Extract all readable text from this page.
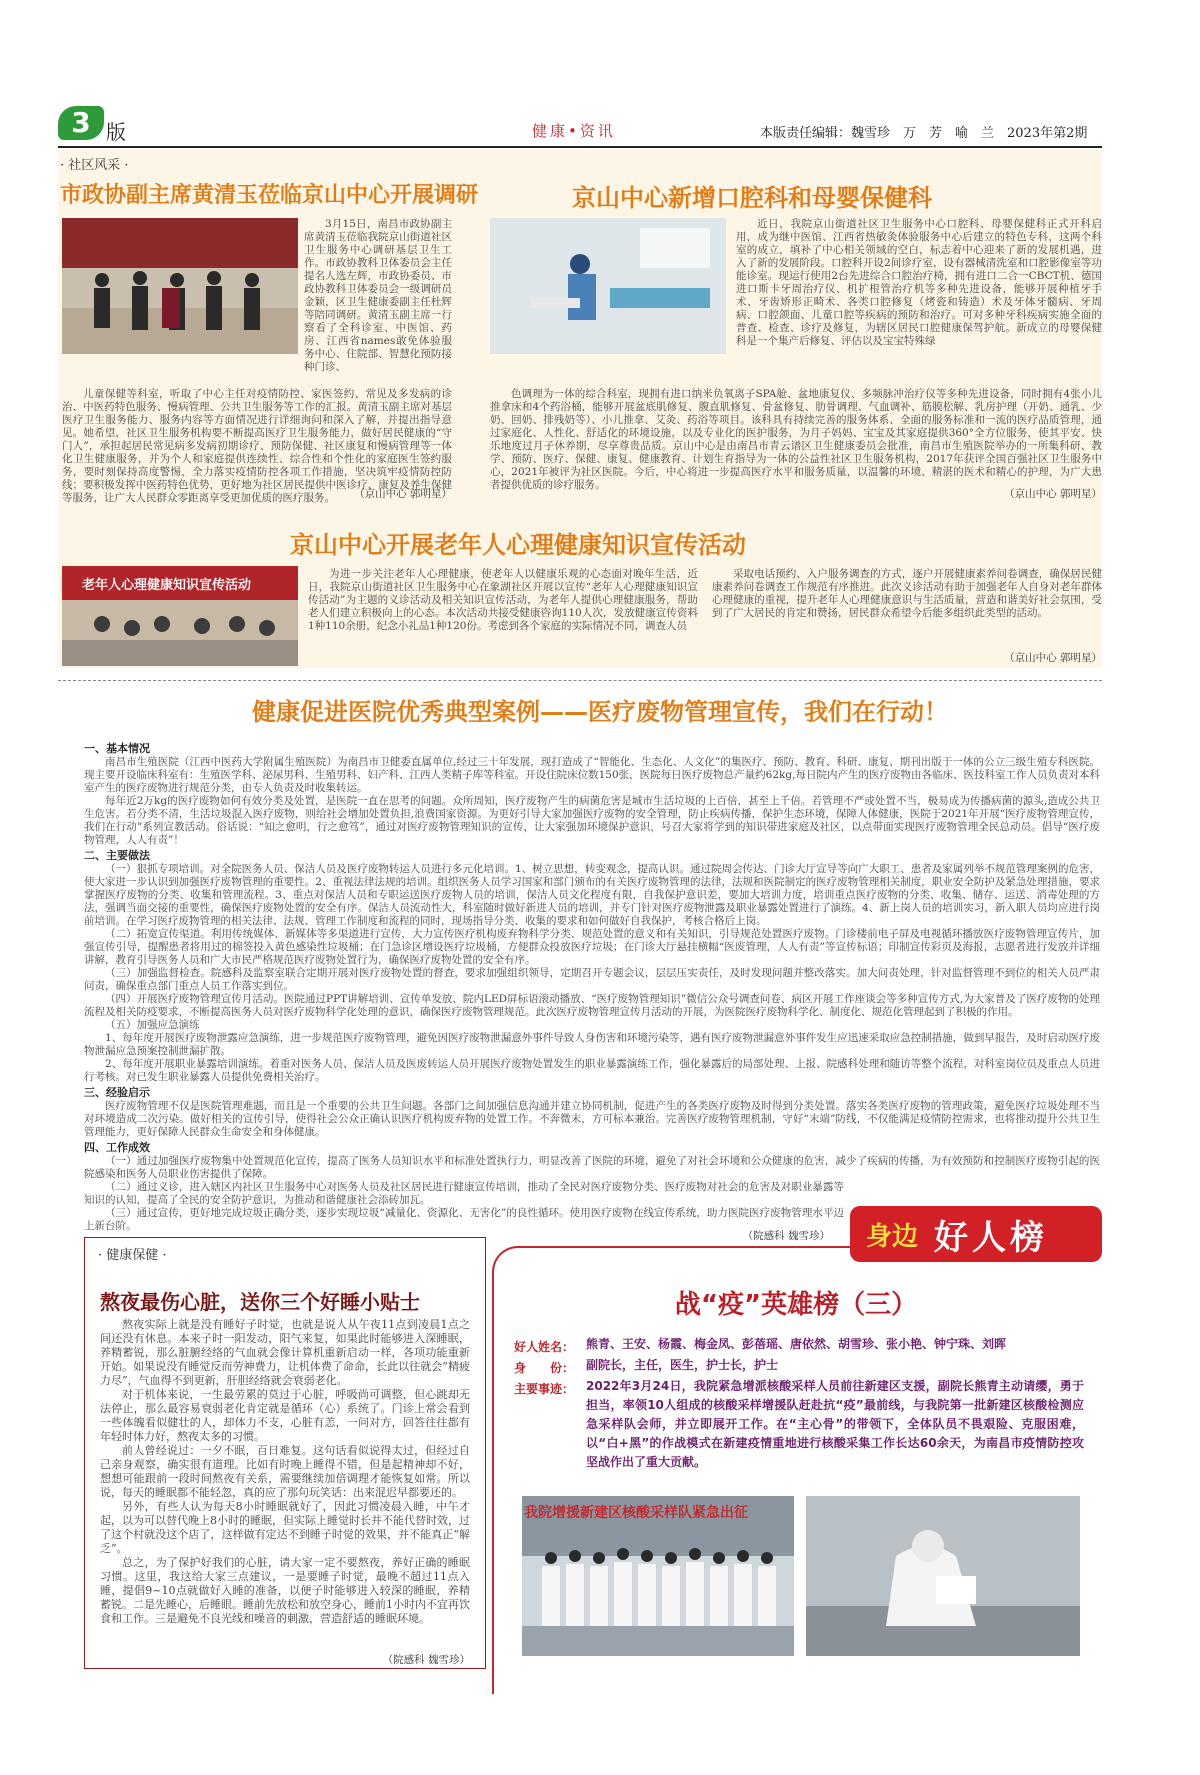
3 版	健康•资讯	本版责任编辑：魏雪珍　万　芳　喻　兰　2023年第2期
· 社区风采 ·
市政协副主席黄清玉莅临京山中心开展调研
3月15日，南昌市政协副主席黄清玉莅临我院京山街道社区卫生服务中心调研基层卫生工作。市政协教科卫体委员会主任提名人选左辉，市政协委员、市政协教科卫体委员会一级调研员金颖，区卫生健康委副主任杜辉等陪同调研。黄清玉副主席一行察看了全科诊室、中医馆、药房、江西省names敢免体验服务中心、住院部、智慧化预防接种门诊、
儿童保健等科室，听取了中心主任对疫情防控、家医签约、常见及多发病的诊治、中医药特色服务、慢病管理、公共卫生服务等工作的汇报。黄清玉副主席对基层医疗卫生服务能力、服务内容等方面情况进行详细询问和深入了解，并提出指导意见。她希望，社区卫生服务机构要不断提高医疗卫生服务能力，做好居民健康的“守门人”，承担起居民常见病多发病初期诊疗、预防保健、社区康复和慢病管理等一体化卫生健康服务，并为个人和家庭提供连续性、综合性和个性化的家庭医生签约服务，要时刻保持高度警惕，全力落实疫情防控各项工作措施，坚决筑牢疫情防控防线；要积极发挥中医药特色优势，更好地为社区居民提供中医诊疗、康复及养生保健等服务，让广大人民群众零距离享受更加优质的医疗服务。	（京山中心 郭明星）
京山中心新增口腔科和母婴保健科
近日，我院京山街道社区卫生服务中心口腔科、母婴保健科正式开科启用，成为继中医馆、江西省热敏灸体验服务中心后建立的特色专科，这两个科室的成立，填补了中心相关领域的空白，标志着中心迎来了新的发展机遇，进入了新的发展阶段。口腔科开设2间诊疗室，设有器械清洗室和口腔影像室等功能诊室。现运行使用2台先进综合口腔治疗椅，拥有进口二合一CBCT机、德国进口斯卡牙周治疗仪、机扩根管治疗机等多种先进设备，能够开展种植牙手术、牙齿矫形正畸术、各类口腔修复（烤瓷和铸造）术及牙体牙髓病、牙周病、口腔颌面、儿童口腔等疾病的预防和治疗。可对多种牙科疾病实施全面的普查、检查、诊疗及修复，为辖区居民口腔健康保驾护航。新成立的母婴保健科是一个集产后修复、评估以及宝宝特殊绿
色调理为一体的综合科室，现拥有进口纳米负氧离子SPA舱、盆地康复仪、多频脉冲治疗仪等多种先进设备，同时拥有4张小儿推拿床和4个药浴桶，能够开展盆底肌修复、腹直肌修复、骨盆修复、肋骨调理、气血调补、筋膜松解、乳房护理（开奶、通乳、少奶、回奶、排残奶等）、小儿推拿、艾灸、药浴等项目。该科具有持续完善的服务体系、全面的服务标准和一流的医疗品质管理，通过家庭化、人性化、舒适化的环境设施，以及专业化的医护服务，为月子妈妈、宝宝及其家庭提供360°全方位服务，使其平安、快乐地度过月子休养期，尽享尊贵品质。京山中心是由南昌市青云谱区卫生健康委员会批准，南昌市生殖医院举办的一所集科研、教学、预防、医疗、保健、康复、健康教育、计划生育指导为一体的公益性社区卫生服务机构，2017年获评全国百强社区卫生服务中心，2021年被评为社区医院。今后，中心将进一步提高医疗水平和服务质量，以温馨的环境、精湛的医术和精心的护理，为广大患者提供优质的诊疗服务。
（京山中心 郭明星）
京山中心开展老年人心理健康知识宣传活动
老年人心理健康知识宣传活动
为进一步关注老年人心理健康，使老年人以健康乐观的心态面对晚年生活，近日，我院京山街道社区卫生服务中心在象湖社区开展以宣传“老年人心理健康知识宣传活动”为主题的义诊活动及相关知识宣传活动，为老年人提供心理健康服务，帮助老人们建立积极向上的心态。本次活动共接受健康咨询110人次，发放健康宣传资料1种110余册，纪念小礼品1种120份。考虑到各个家庭的实际情况不同，调查人员
采取电话预约、入户服务调查的方式，逐户开展健康素养问卷调查，确保居民健康素养问卷调查工作规范有序推进。此次义诊活动有助于加强老年人自身对老年群体心理健康的重视，提升老年人心理健康意识与生活质量，营造和谐美好社会氛围，受到了广大居民的肯定和赞扬，居民群众希望今后能多组织此类型的活动。
（京山中心 郭明星）
健康促进医院优秀典型案例——医疗废物管理宣传，我们在行动！
一、基本情况
南昌市生殖医院（江西中医药大学附属生殖医院）为南昌市卫健委直属单位,经过三十年发展，现打造成了“智能化、生态化、人文化”的集医疗、预防、教育、科研、康复、期刊出版于一体的公立三级生殖专科医院。现主要开设临床科室有：生殖医学科、泌尿男科、生殖男科、妇产科、江西人类精子库等科室。开设住院床位数150张，医院每日医疗废物总产量约62kg,每日院内产生的医疗废物由各临床、医技科室工作人员负责对本科室产生的医疗废物进行规范分类，由专人负责及时收集转运。
每年近2万kg的医疗废物如何有效分类及处置，是医院一直在思考的问题。众所周知，医疗废物产生的病菌危害是城市生活垃圾的上百倍，甚至上千倍。若管理不严或处置不当，极易成为传播病菌的源头,造成公共卫生危害。若分类不清，生活垃圾混入医疗废物，则给社会增加处置负担,浪费国家资源。为更好引导大家加强医疗废物的安全管理，防止疾病传播，保护生态环境，保障人体健康，医院于2021年开展“医疗废物管理宣传，我们在行动”系列宣教活动。俗话说：“知之愈明，行之愈笃”，通过对医疗废物管理知识的宣传，让大家强加环境保护意识，号召大家将学到的知识带进家庭及社区，以点带面实现医疗废物管理全民总动员。倡导“医疗废物管理，人人有责”！
二、主要做法
（一）狠抓专项培训。对全院医务人员、保洁人员及医疗废物转运人员进行多元化培训。1、树立思想，转变观念，提高认识。通过院周会传达、门诊大厅宣导等向广大职工、患者及家属列举不规范管理案例的危害，使大家进一步认识到加强医疗废物管理的重要性。2、重视法律法规的培训。组织医务人员学习国家和部门颁布的有关医疗废物管理的法律，法规和医院制定的医疗废物管理相关制度，职业安全防护及紧急处理措施，要求掌握医疗废物的分类、收集和管理流程。3、重点对保洁人员和专职运送医疗废物人员的培训，保洁人员文化程度有限，自我保护意识差，要加大培训力度，培训重点医疗废物的分类、收集、储存、运送、消毒处理的方法，强调当面交接的重要性，确保医疗废物处置的安全有序。保洁人员流动性大，科室随时做好新进人员的培训，并专门针对医疗废物泄露及职业暴露处置进行了演练。4、新上岗人员的培训实习，新入职人员均应进行岗前培训。在学习医疗废物管理的相关法律、法规、管理工作制度和流程的同时，现场指导分类、收集的要求和如何做好自我保护，考核合格后上岗。
（二）拓宽宣传渠道。利用传统媒体、新媒体等多渠道进行宣传，大力宣传医疗机构废弃物科学分类、规范处置的意义和有关知识，引导规范处置医疗废物。门诊楼前电子屏及电视循环播放医疗废物管理宣传片，加强宣传引导，提醒患者将用过的棉签投入黄色感染性垃圾桶；在门急诊区增设医疗垃圾桶，方便群众投放医疗垃圾；在门诊大厅悬挂横幅“医废管理，人人有责”等宣传标语；印制宣传彩页及海报，志愿者进行发放并详细讲解，教育引导医务人员和广大市民严格规范医疗废物处置行为，确保医疗废物处置的安全有序。
（三）加强监督检查。院感科及监察室联合定期开展对医疗废物处置的督查，要求加强组织领导，定期召开专题会议，层层压实责任，及时发现问题并整改落实。加大问责处理，针对监督管理不到位的相关人员严肃问责，确保重点部门重点人员工作落实到位。
（四）开展医疗废物管理宣传月活动。医院通过PPT讲解培训、宣传单发放、院内LED屏标语滚动播放、“医疗废物管理知识”微信公众号调查问卷、病区开展工作座谈会等多种宣传方式,为大家普及了医疗废物的处理流程及相关防疫要求，不断提高医务人员对医疗废物科学化处理的意识，确保医疗废物管理规范。此次医疗废物管理宣传月活动的开展，为医院医疗废物科学化、制度化、规范化管理起到了积极的作用。
（五）加强应急演练
1、每年度开展医疗废物泄露应急演练，进一步规范医疗废物管理，避免因医疗废物泄漏意外事件导致人身伤害和环境污染等，遇有医疗废物泄漏意外事件发生应迅速采取应急控制措施，做到早报告，及时启动医疗废物泄漏应急预案控制泄漏扩散。
2、每年度开展职业暴露培训演练。着重对医务人员、保洁人员及医废转运人员开展医疗废物处置发生的职业暴露演练工作，强化暴露后的局部处理、上报、院感科处理和随访等整个流程，对科室岗位员及重点人员进行考核。对已发生职业暴露人员提供免费相关治疗。
三、经验启示
医疗废物管理不仅是医院管理难题，而且是一个重要的公共卫生问题。各部门之间加强信息沟通并建立协同机制，促进产生的各类医疗废物及时得到分类处置。落实各类医疗废物的管理政策，避免医疗垃圾处理不当对环境造成二次污染。做好相关的宣传引导，使得社会公众正确认识医疗机构废弃物的处置工作。不奔微末，方可标本兼治。完善医疗废物管理机制，守好“末端”防线，不仅能满足疫情防控需求，也将推动提升公共卫生管理能力，更好保障人民群众生命安全和身体健康。
四、工作成效
（一）通过加强医疗废物集中处置规范化宣传，提高了医务人员知识水平和标准处置执行力，明显改善了医院的环境，避免了对社会环境和公众健康的危害，减少了疾病的传播，为有效预防和控制医疗废物引起的医院感染和医务人员职业伤害提供了保障。
（二）通过义诊，进入辖区内社区卫生服务中心对医务人员及社区居民进行健康宣传培训，推动了全民对医疗废物分类、医疗废物对社会的危害及对职业暴露等知识的认知，提高了全民的安全防护意识，为推动和谐健康社会添砖加瓦。
（三）通过宣传，更好地完成垃圾正确分类，逐步实现垃圾“减量化、资源化、无害化”的良性循环。使用医疗废物在线宣传系统，助力医院医疗废物管理水平迈上新台阶。
（院感科 魏雪珍）
· 健康保健 ·
熬夜最伤心脏，送你三个好睡小贴士
熬夜实际上就是没有睡好子时觉，也就是说人从午夜11点到凌晨1点之间还没有休息。本来子时一阳发动，阳气来复，如果此时能够进入深睡眠，养精蓄锐，那么脏腑经络的气血就会像计算机重新启动一样，各项功能重新开始。如果说没有睡觉反而劳神费力，让机体费了命命，长此以往就会“精疲力尽”，气血得不到更新，肝胆经络就会衰弱老化。
对于机体来说，一生最劳累的莫过于心脏，呼吸尚可调整，但心跳却无法停止，那么最容易衰弱老化肯定就是循环（心）系统了。门诊上常会看到一些体魄看似健壮的人，却体力不支，心脏有恙，一问对方，回答往往都有年轻时体力好，熬夜太多的习惯。
前人曾经说过：一夕不眠，百日难复。这句话看似说得太过，但经过自己亲身观察，确实很有道理。比如有时晚上睡得不错，但是起精神却不好，想想可能跟前一段时间熬夜有关系，需要继续加倍调理才能恢复如常。所以说，每天的睡眠都不能轻忽，真的应了那句玩笑话：出来混迟早都要还的。
另外，有些人认为每天8小时睡眠就好了，因此习惯凌晨入睡，中午才起，以为可以替代晚上8小时的睡眠，但实际上睡觉时长并不能代替时效，过了这个村就没这个店了，这样做有定达不到睡子时觉的效果，并不能真正“解乏”。
总之，为了保护好我们的心脏，请大家一定不要熬夜，养好正确的睡眠习惯。这里，我这给大家三点建议，一是要睡子时觉，最晚不超过11点入睡，提倡9~10点就做好入睡的准备，以便子时能够进入较深的睡眠，养精蓄锐。二是先睡心，后睡眼。睡前先放松和放空身心，睡前1小时内不宜再饮食和工作。三是避免不良光线和噪音的刺激，营造舒适的睡眠环境。
（院感科 魏雪珍）
身边 好人榜
战“疫”英雄榜（三）
好人姓名： 熊青、王安、杨霞、梅金凤、彭蓓瑶、唐依然、胡雪珍、张小艳、钟宁珠、刘晖
身　　份： 副院长，主任，医生，护士长，护士
主要事迹： 2022年3月24日，我院紧急增派核酸采样人员前往新建区支援，副院长熊青主动请缨，勇于担当，率领10人组成的核酸采样增援队赶赴抗“疫”最前线，与我院第一批新建区核酸检测应急采样队会师，并立即展开工作。在“主心骨”的带领下，全体队员不畏艰险、克服困难，以“白+黑”的作战模式在新建疫情重地进行核酸采集工作长达60余天，为南昌市疫情防控攻坚战作出了重大贡献。
我院增援新建区核酸采样队紧急出征
